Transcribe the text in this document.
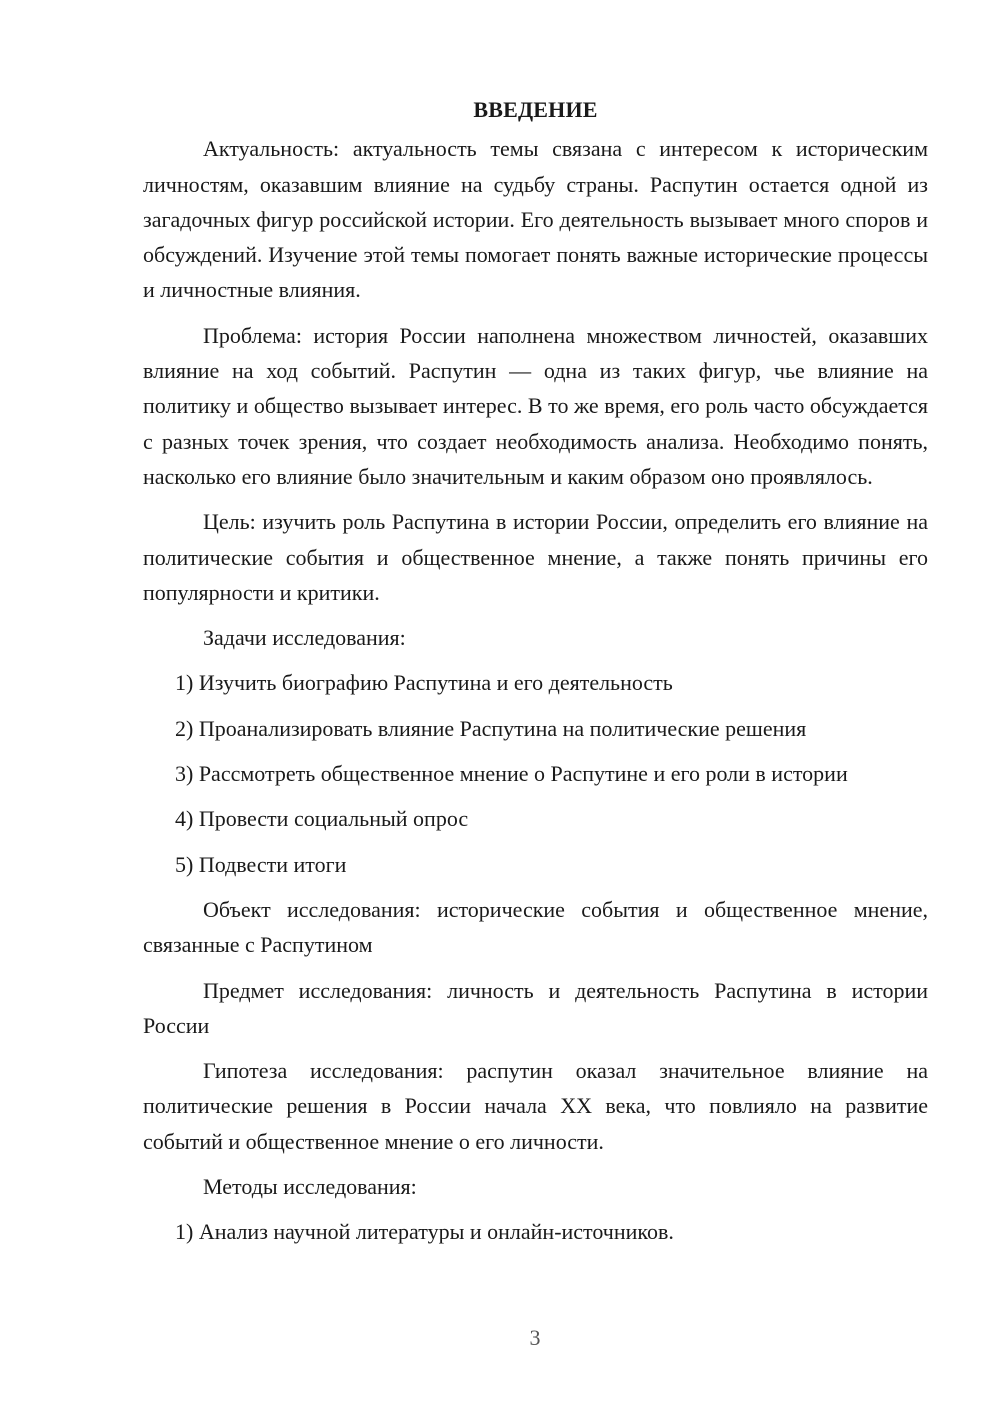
ВВЕДЕНИЕ

Актуальность: актуальность темы связана с интересом к историческим личностям, оказавшим влияние на судьбу страны. Распутин остается одной из загадочных фигур российской истории. Его деятельность вызывает много споров и обсуждений. Изучение этой темы помогает понять важные исторические процессы и личностные влияния.

Проблема: история России наполнена множеством личностей, оказавших влияние на ход событий. Распутин — одна из таких фигур, чье влияние на политику и общество вызывает интерес. В то же время, его роль часто обсуждается с разных точек зрения, что создает необходимость анализа. Необходимо понять, насколько его влияние было значительным и каким образом оно проявлялось.

Цель: изучить роль Распутина в истории России, определить его влияние на политические события и общественное мнение, а также понять причины его популярности и критики.

Задачи исследования:

1) Изучить биографию Распутина и его деятельность
2) Проанализировать влияние Распутина на политические решения
3) Рассмотреть общественное мнение о Распутине и его роли в истории
4) Провести социальный опрос
5) Подвести итоги

Объект исследования: исторические события и общественное мнение, связанные с Распутином

Предмет исследования: личность и деятельность Распутина в истории России

Гипотеза исследования: распутин оказал значительное влияние на политические решения в России начала XX века, что повлияло на развитие событий и общественное мнение о его личности.

Методы исследования:

1) Анализ научной литературы и онлайн-источников.
3
